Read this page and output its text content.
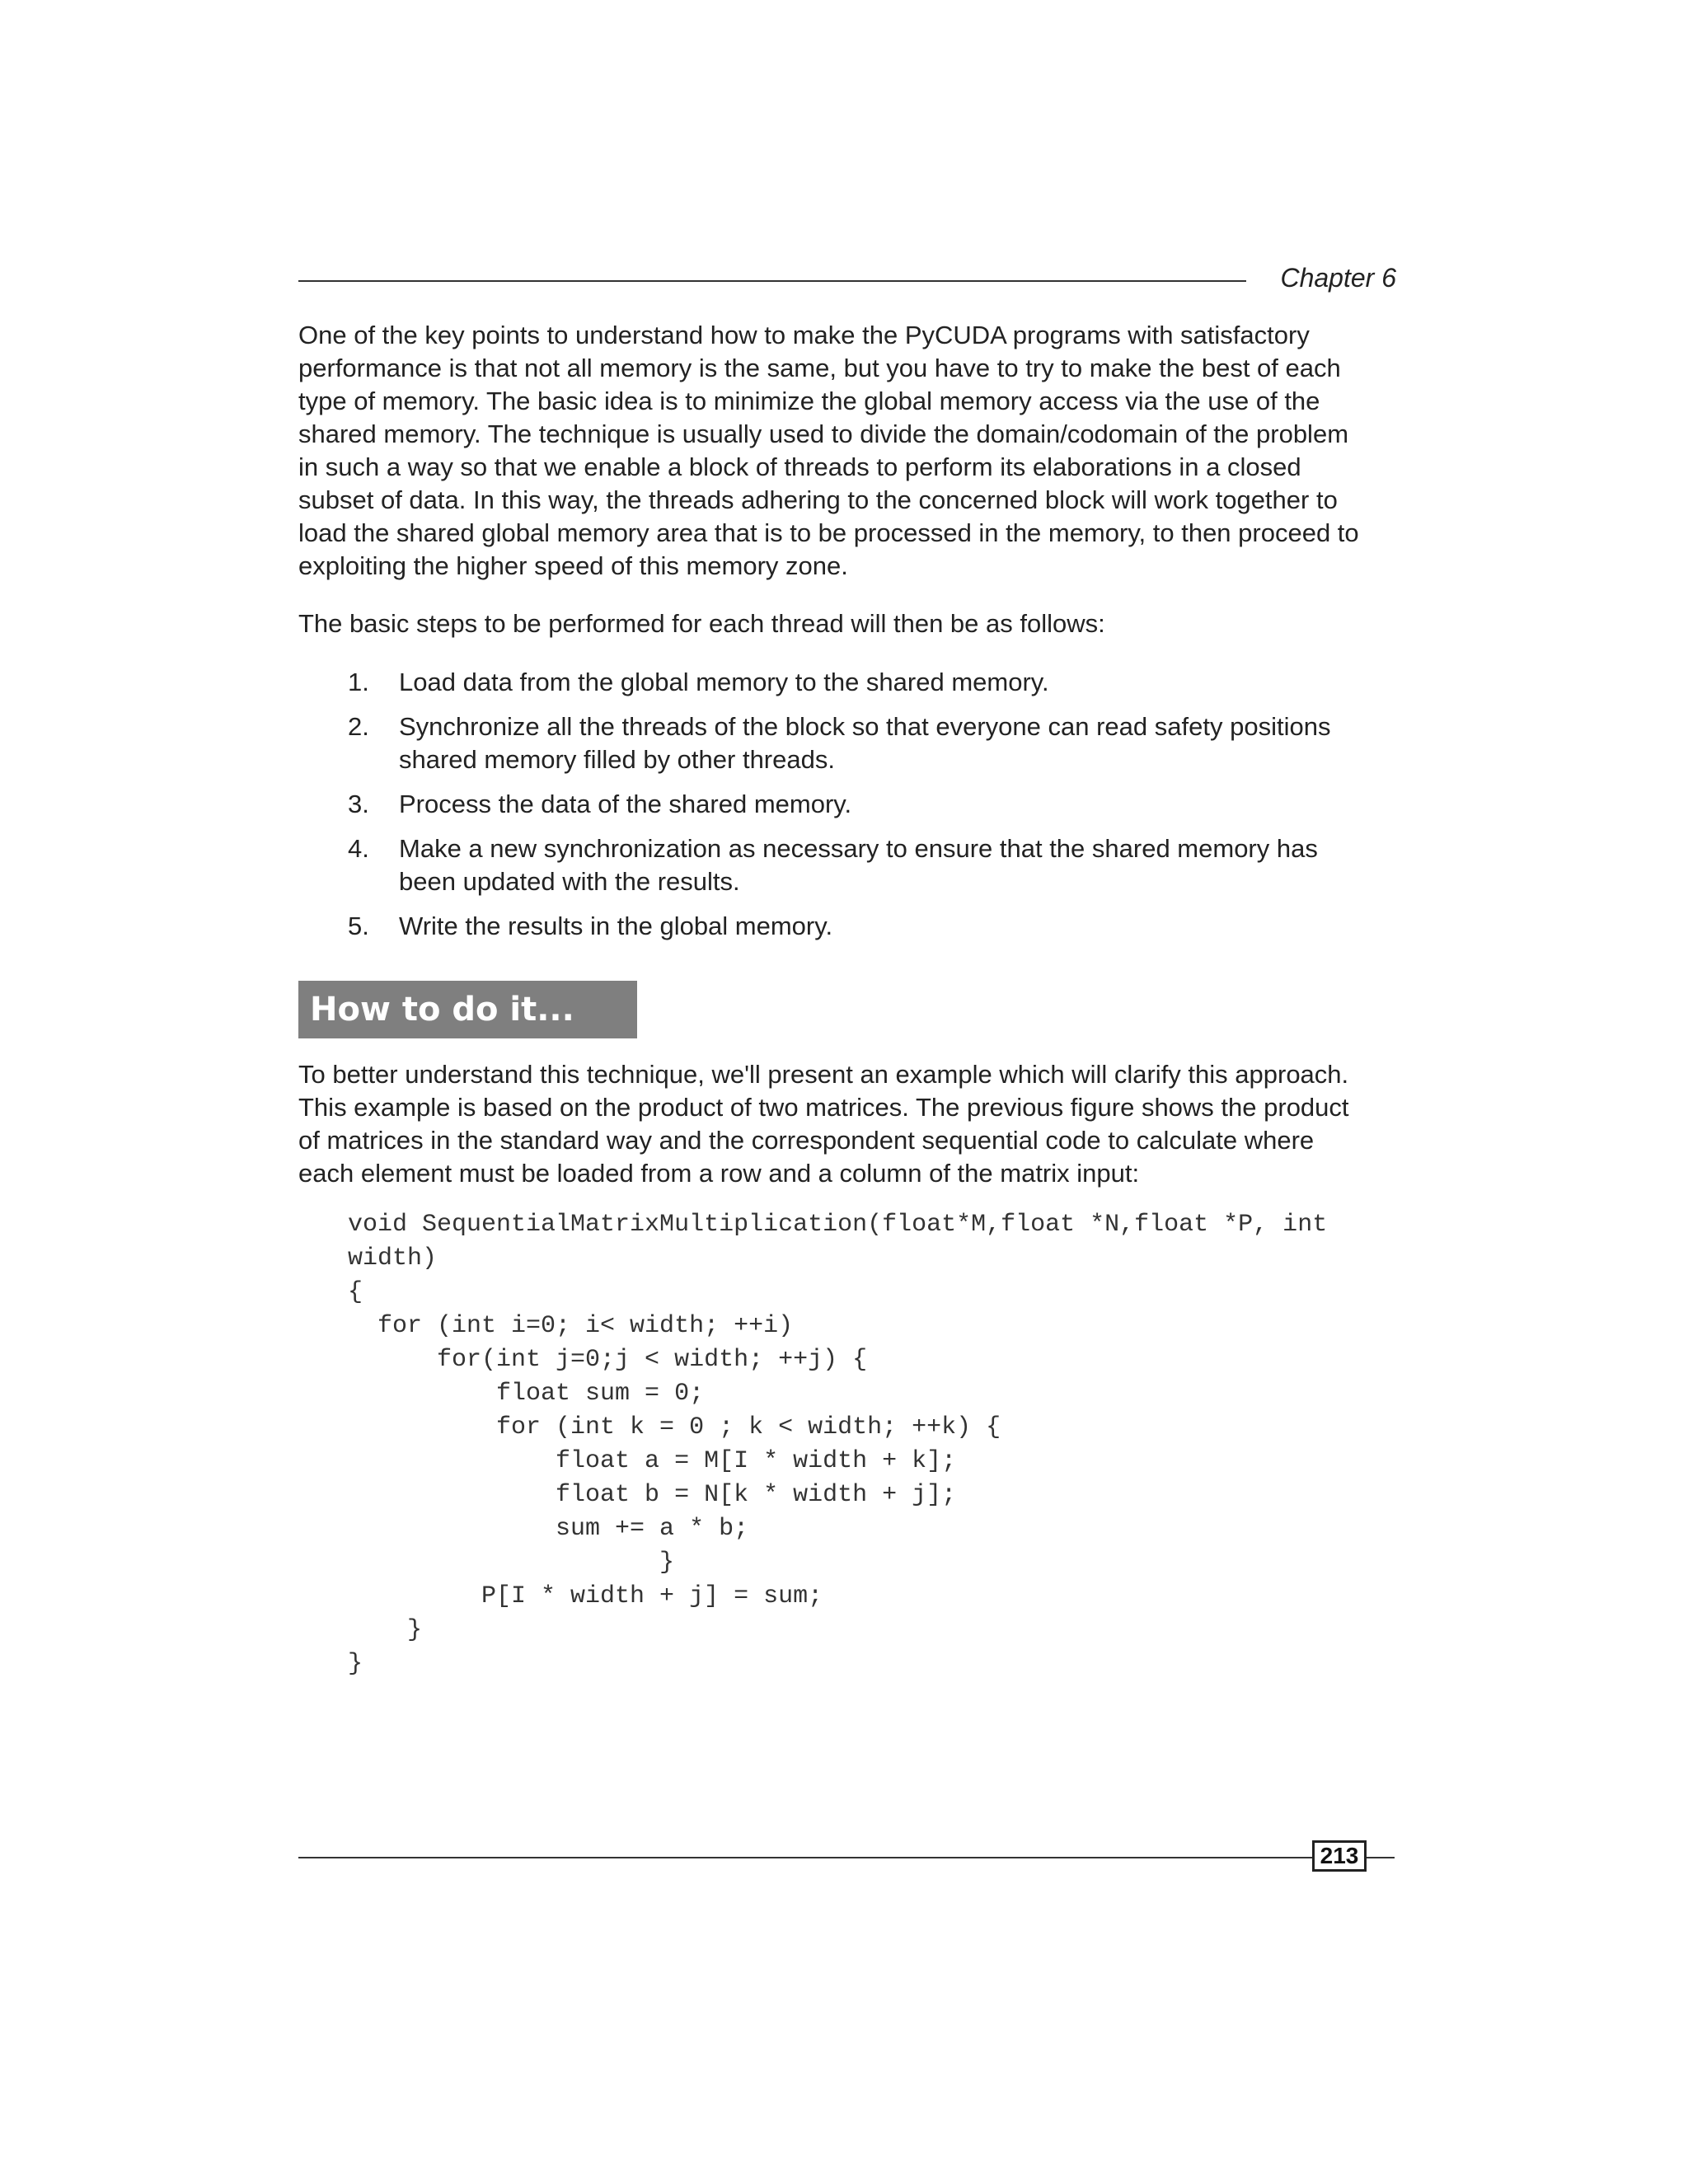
Chapter 6

One of the key points to understand how to make the PyCUDA programs with satisfactory
performance is that not all memory is the same, but you have to try to make the best of each
type of memory. The basic idea is to minimize the global memory access via the use of the
shared memory. The technique is usually used to divide the domain/codomain of the problem
in such a way so that we enable a block of threads to perform its elaborations in a closed
subset of data. In this way, the threads adhering to the concerned block will work together to
load the shared global memory area that is to be processed in the memory, to then proceed to
exploiting the higher speed of this memory zone.

The basic steps to be performed for each thread will then be as follows:

1. Load data from the global memory to the shared memory.
2. Synchronize all the threads of the block so that everyone can read safety positions
shared memory filled by other threads.
3. Process the data of the shared memory.
4. Make a new synchronization as necessary to ensure that the shared memory has
been updated with the results.
5. Write the results in the global memory.
How to do it...

To better understand this technique, we'll present an example which will clarify this approach.
This example is based on the product of two matrices. The previous figure shows the product
of matrices in the standard way and the correspondent sequential code to calculate where
each element must be loaded from a row and a column of the matrix input:

void SequentialMatrixMultiplication(float*M,float *N,float *P, int
width)
{
for (int i=0; i< width; ++i)
for(int j=0;j < width; ++j) {
float sum = 0;
for (int k = 0 ; k < width; ++k) {
float a = M[I * width + k];
float b = N[k * width + j];
sum += a * b;
}
P[I * width + j] = sum;
}
}
213
